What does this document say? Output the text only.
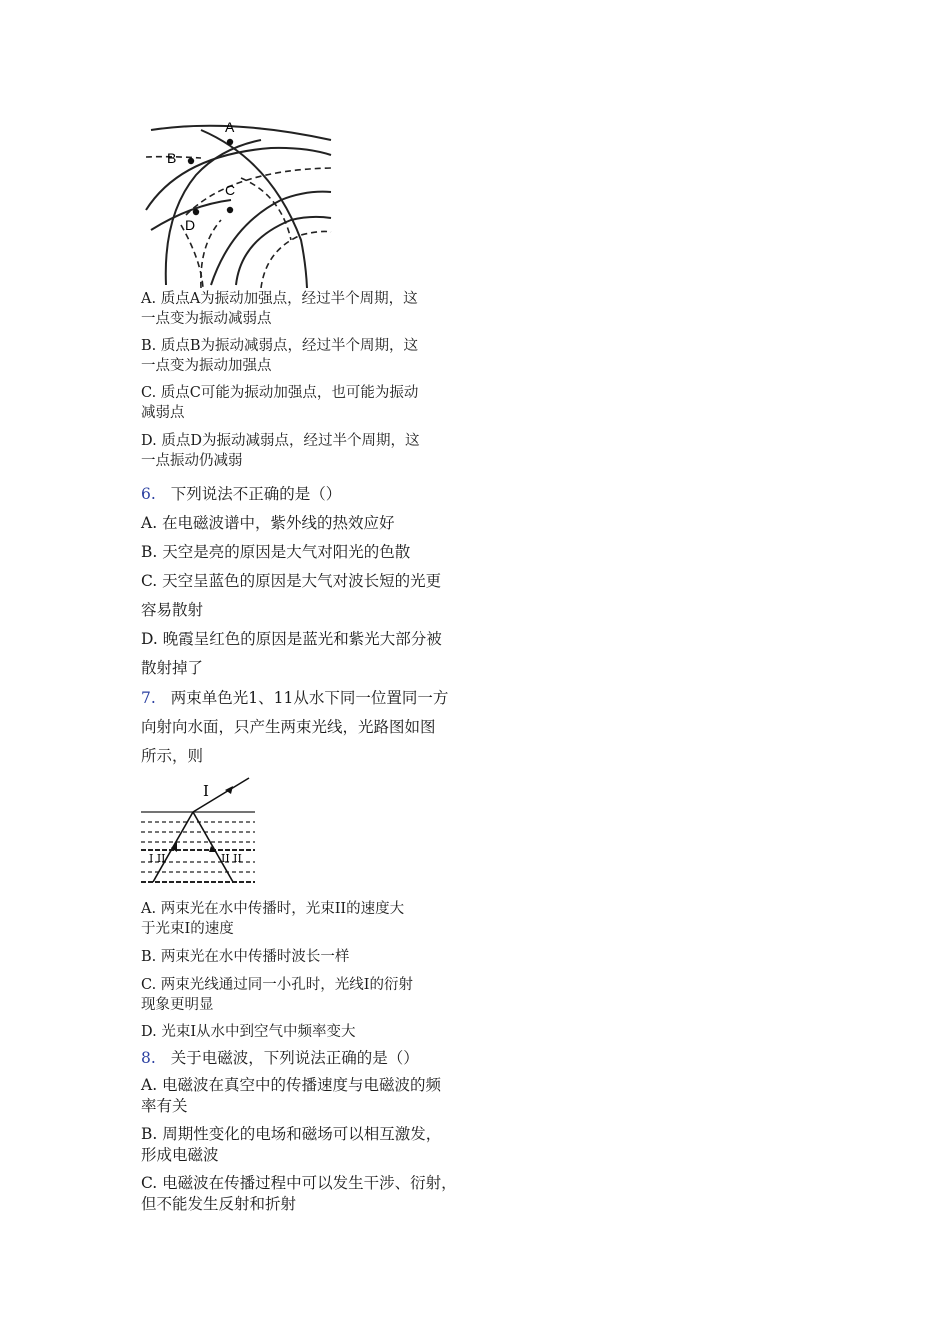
A
B
C
D
A. 质点A为振动加强点，经过半个周期，这
一点变为振动减弱点
B. 质点B为振动减弱点，经过半个周期，这
一点变为振动加强点
C. 质点C可能为振动加强点，也可能为振动
减弱点
D. 质点D为振动减弱点，经过半个周期，这
一点振动仍减弱
6. 下列说法不正确的是（）
A. 在电磁波谱中，紫外线的热效应好
B. 天空是亮的原因是大气对阳光的色散
C. 天空呈蓝色的原因是大气对波长短的光更
容易散射
D. 晚霞呈红色的原因是蓝光和紫光大部分被
散射掉了
7. 两束单色光1、11从水下同一位置同一方
向射向水面，只产生两束光线，光路图如图
所示，则
I
I II	II II
A. 两束光在水中传播时，光束II的速度大
于光束I的速度
B. 两束光在水中传播时波长一样
C. 两束光线通过同一小孔时，光线I的衍射
现象更明显
D. 光束I从水中到空气中频率变大
8. 关于电磁波，下列说法正确的是（）
A. 电磁波在真空中的传播速度与电磁波的频
率有关
B. 周期性变化的电场和磁场可以相互激发，
形成电磁波
C. 电磁波在传播过程中可以发生干涉、衍射，
但不能发生反射和折射
